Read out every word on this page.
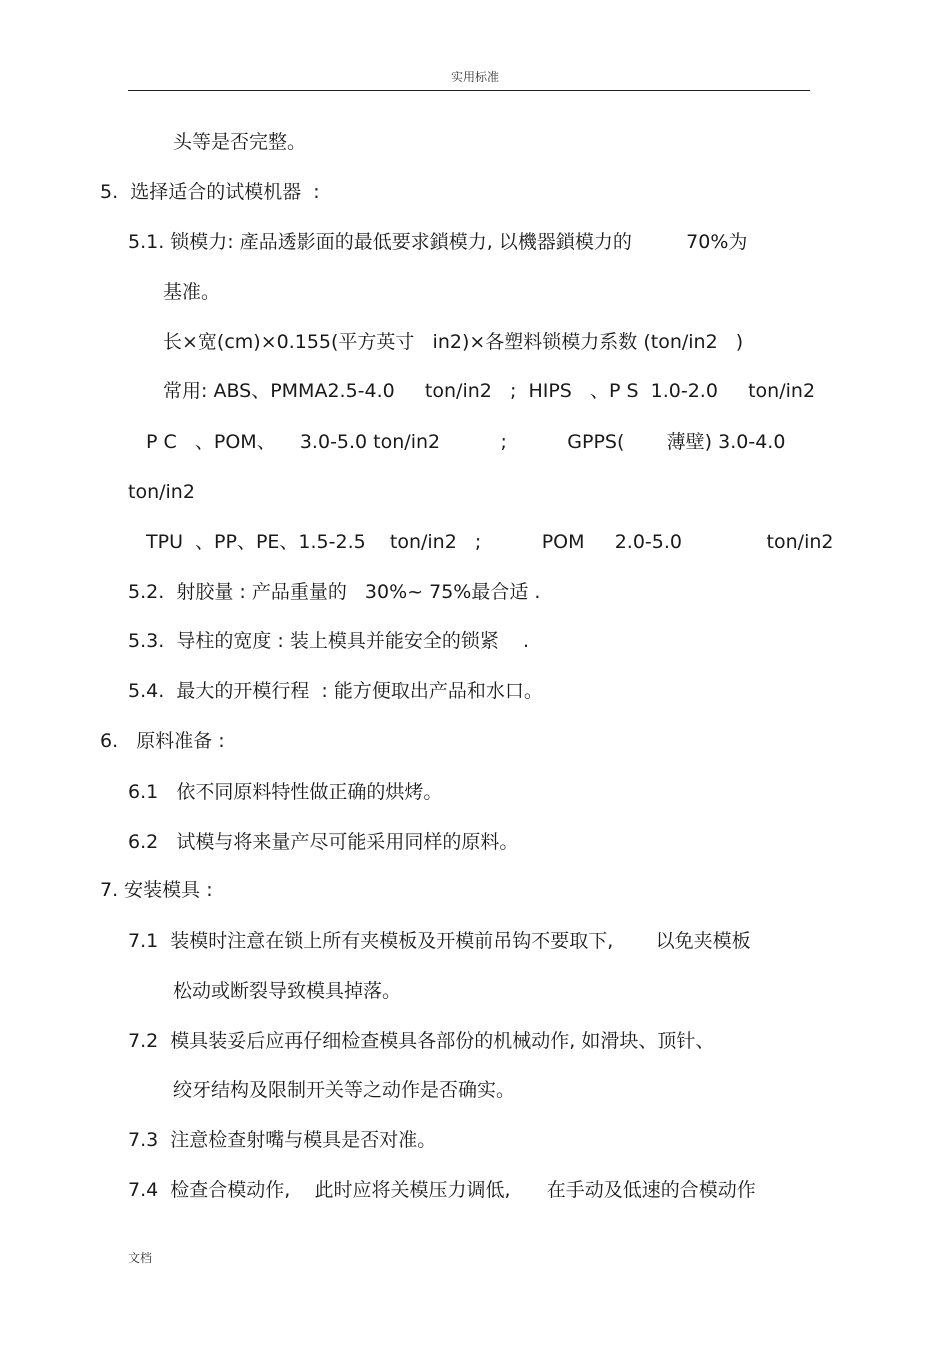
实用标准
头等是否完整。
5.  选择适合的试模机器  :
5.1. 锁模力: 產品透影面的最低要求鎖模力, 以機器鎖模力的         70%为
基准。
长×宽(cm)×0.155(平方英寸   in2)×各塑料锁模力系数 (ton/in2   )
常用: ABS、PMMA2.5-4.0     ton/in2   ;  HIPS   、P S  1.0-2.0     ton/in2
P C   、POM、    3.0-5.0 ton/in2          ;          GPPS(       薄壁) 3.0-4.0
ton/in2
TPU  、PP、PE、1.5-2.5    ton/in2   ;          POM     2.0-5.0              ton/in2
5.2.  射胶量 : 产品重量的   30%~ 75%最合适 .
5.3.  导柱的宽度 : 装上模具并能安全的锁紧    .
5.4.  最大的开模行程  : 能方便取出产品和水口。
6.   原料准备 :
6.1   依不同原料特性做正确的烘烤。
6.2   试模与将来量产尽可能采用同样的原料。
7. 安装模具 :
7.1  装模时注意在锁上所有夹模板及开模前吊钩不要取下,       以免夹模板
松动或断裂导致模具掉落。
7.2  模具装妥后应再仔细检查模具各部份的机械动作, 如滑块、顶针、
绞牙结构及限制开关等之动作是否确实。
7.3  注意检查射嘴与模具是否对准。
7.4  检查合模动作,    此时应将关模压力调低,      在手动及低速的合模动作
文档
